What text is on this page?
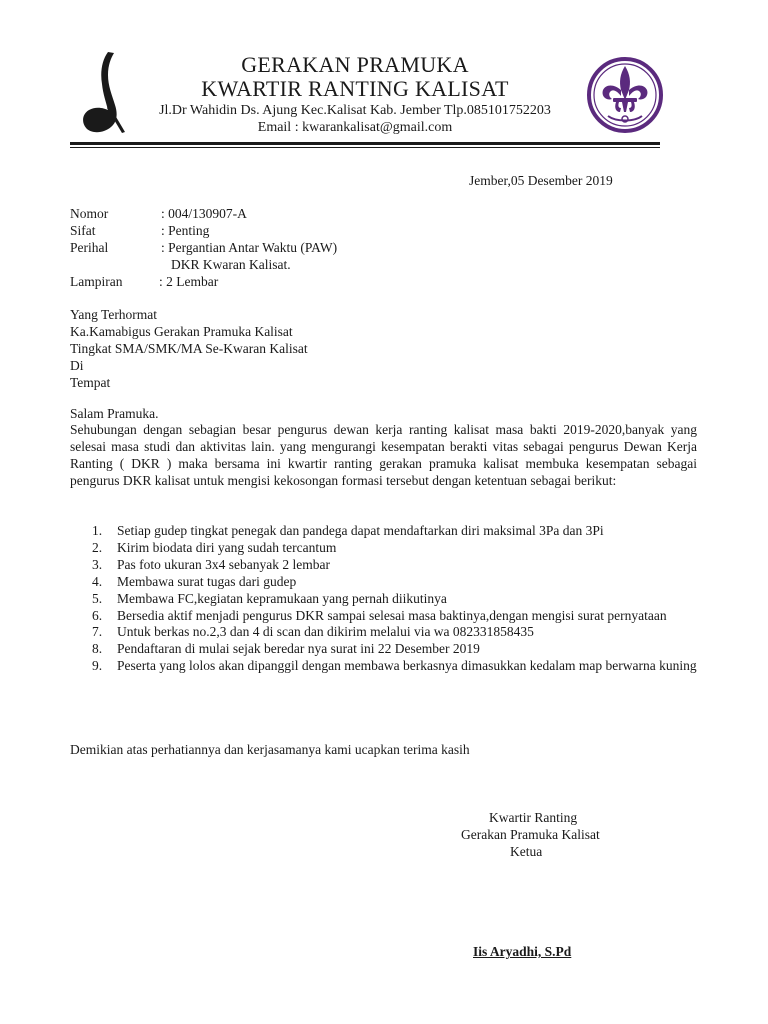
GERAKAN PRAMUKA
KWARTIR RANTING KALISAT
Jl.Dr Wahidin Ds. Ajung Kec.Kalisat Kab. Jember Tlp.085101752203
Email : kwarankalisat@gmail.com
Jember,05 Desember 2019
Nomor	: 004/130907-A
Sifat	: Penting
Perihal	: Pergantian Antar Waktu (PAW)
DKR Kwaran Kalisat.
Lampiran	: 2 Lembar
Yang Terhormat
Ka.Kamabigus Gerakan Pramuka Kalisat
Tingkat SMA/SMK/MA Se-Kwaran Kalisat
Di
Tempat
Salam Pramuka.
Sehubungan dengan sebagian besar pengurus dewan kerja ranting kalisat masa bakti 2019-2020,banyak yang selesai masa studi dan aktivitas lain. yang mengurangi kesempatan berakti vitas sebagai pengurus Dewan Kerja Ranting ( DKR ) maka bersama ini kwartir ranting gerakan pramuka kalisat membuka kesempatan sebagai pengurus DKR kalisat untuk mengisi kekosongan formasi tersebut dengan ketentuan sebagai berikut:
1. Setiap gudep tingkat penegak dan pandega dapat mendaftarkan diri maksimal 3Pa dan 3Pi
2. Kirim biodata diri yang sudah tercantum
3. Pas foto ukuran 3x4 sebanyak 2 lembar
4. Membawa surat tugas dari gudep
5. Membawa FC,kegiatan kepramukaan yang pernah diikutinya
6. Bersedia aktif menjadi pengurus DKR sampai selesai masa baktinya,dengan mengisi surat pernyataan
7. Untuk berkas no.2,3 dan 4 di scan dan dikirim melalui via wa 082331858435
8. Pendaftaran di mulai sejak beredar nya surat ini 22 Desember 2019
9. Peserta yang lolos akan dipanggil dengan membawa berkasnya dimasukkan kedalam map berwarna kuning
Demikian atas perhatiannya dan kerjasamanya kami ucapkan terima kasih
Kwartir Ranting
Gerakan Pramuka Kalisat
Ketua
Iis Aryadhi, S.Pd
